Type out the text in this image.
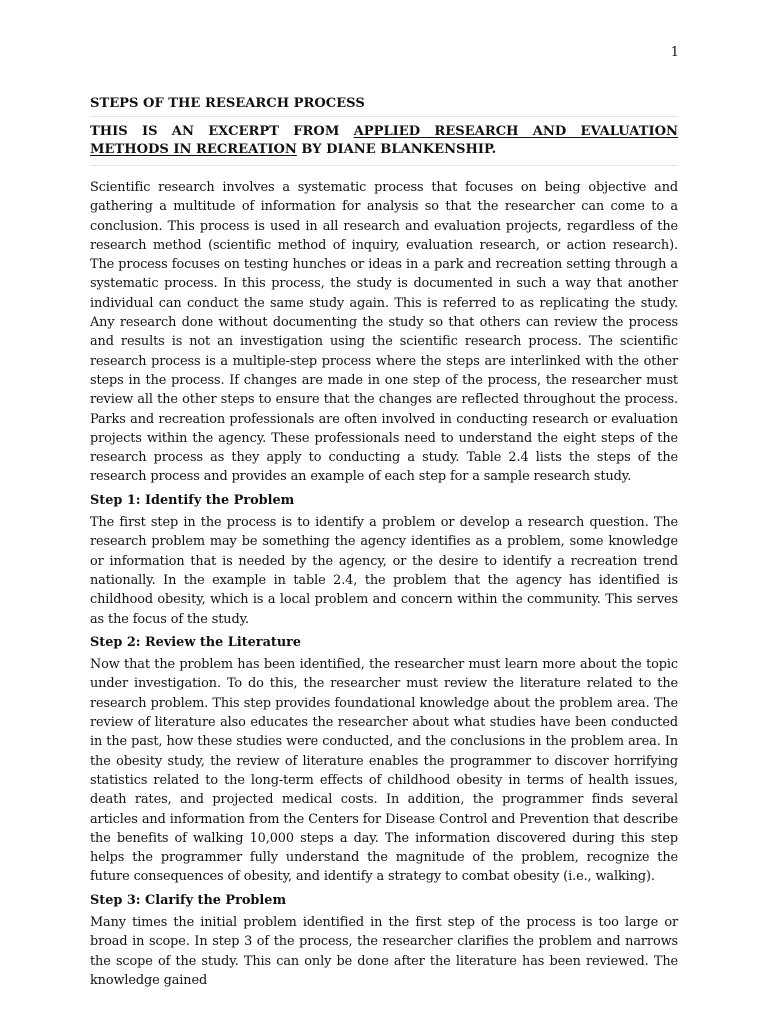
1
STEPS OF THE RESEARCH PROCESS

THIS IS AN EXCERPT FROM APPLIED RESEARCH AND EVALUATION METHODS IN RECREATION BY DIANE BLANKENSHIP.

Scientific research involves a systematic process that focuses on being objective and gathering a multitude of information for analysis so that the researcher can come to a conclusion. This process is used in all research and evaluation projects, regardless of the research method (scientific method of inquiry, evaluation research, or action research). The process focuses on testing hunches or ideas in a park and recreation setting through a systematic process. In this process, the study is documented in such a way that another individual can conduct the same study again. This is referred to as replicating the study. Any research done without documenting the study so that others can review the process and results is not an investigation using the scientific research process. The scientific research process is a multiple-step process where the steps are interlinked with the other steps in the process. If changes are made in one step of the process, the researcher must review all the other steps to ensure that the changes are reflected throughout the process. Parks and recreation professionals are often involved in conducting research or evaluation projects within the agency. These professionals need to understand the eight steps of the research process as they apply to conducting a study. Table 2.4 lists the steps of the research process and provides an example of each step for a sample research study.

Step 1: Identify the Problem

The first step in the process is to identify a problem or develop a research question. The research problem may be something the agency identifies as a problem, some knowledge or information that is needed by the agency, or the desire to identify a recreation trend nationally. In the example in table 2.4, the problem that the agency has identified is childhood obesity, which is a local problem and concern within the community. This serves as the focus of the study.

Step 2: Review the Literature

Now that the problem has been identified, the researcher must learn more about the topic under investigation. To do this, the researcher must review the literature related to the research problem. This step provides foundational knowledge about the problem area. The review of literature also educates the researcher about what studies have been conducted in the past, how these studies were conducted, and the conclusions in the problem area. In the obesity study, the review of literature enables the programmer to discover horrifying statistics related to the long-term effects of childhood obesity in terms of health issues, death rates, and projected medical costs. In addition, the programmer finds several articles and information from the Centers for Disease Control and Prevention that describe the benefits of walking 10,000 steps a day. The information discovered during this step helps the programmer fully understand the magnitude of the problem, recognize the future consequences of obesity, and identify a strategy to combat obesity (i.e., walking).

Step 3: Clarify the Problem

Many times the initial problem identified in the first step of the process is too large or broad in scope. In step 3 of the process, the researcher clarifies the problem and narrows the scope of the study. This can only be done after the literature has been reviewed. The knowledge gained
